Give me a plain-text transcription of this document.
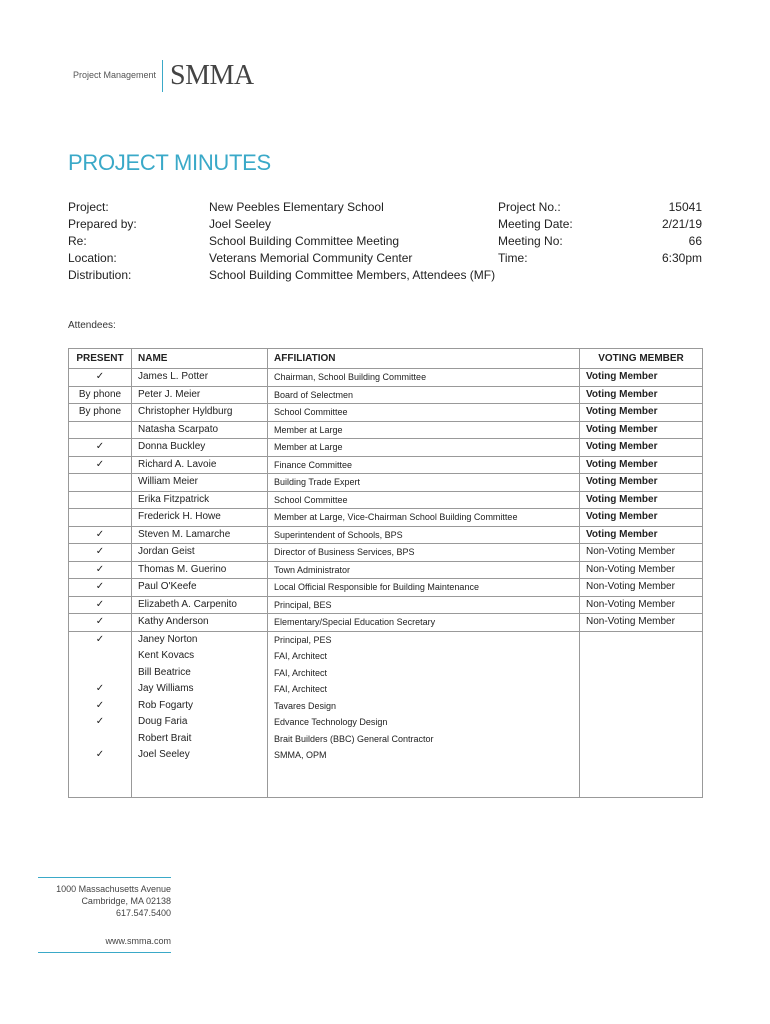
Project Management SMMA
PROJECT MINUTES
Project:	New Peebles Elementary School	Project No.:	15041
Prepared by:	Joel Seeley	Meeting Date:	2/21/19
Re:	School Building Committee Meeting	Meeting No:	66
Location:	Veterans Memorial Community Center	Time:	6:30pm
Distribution:	School Building Committee Members, Attendees (MF)
Attendees:
PRESENT	NAME	AFFILIATION	VOTING MEMBER
✓	James L. Potter	Chairman, School Building Committee	Voting Member
By phone	Peter J. Meier	Board of Selectmen	Voting Member
By phone	Christopher Hyldburg	School Committee	Voting Member
	Natasha Scarpato	Member at Large	Voting Member
✓	Donna Buckley	Member at Large	Voting Member
✓	Richard A. Lavoie	Finance Committee	Voting Member
	William Meier	Building Trade Expert	Voting Member
	Erika Fitzpatrick	School Committee	Voting Member
	Frederick H. Howe	Member at Large, Vice-Chairman School Building Committee	Voting Member
✓	Steven M. Lamarche	Superintendent of Schools, BPS	Voting Member
✓	Jordan Geist	Director of Business Services, BPS	Non-Voting Member
✓	Thomas M. Guerino	Town Administrator	Non-Voting Member
✓	Paul O'Keefe	Local Official Responsible for Building Maintenance	Non-Voting Member
✓	Elizabeth A. Carpenito	Principal, BES	Non-Voting Member
✓	Kathy Anderson	Elementary/Special Education Secretary	Non-Voting Member
✓	Janey Norton	Principal, PES	
	Kent Kovacs	FAI, Architect	
	Bill Beatrice	FAI, Architect	
✓	Jay Williams	FAI, Architect	
✓	Rob Fogarty	Tavares Design	
✓	Doug Faria	Edvance Technology Design	
	Robert Brait	Brait Builders (BBC) General Contractor	
✓	Joel Seeley	SMMA, OPM	

1000 Massachusetts Avenue
Cambridge, MA 02138
617.547.5400
www.smma.com
